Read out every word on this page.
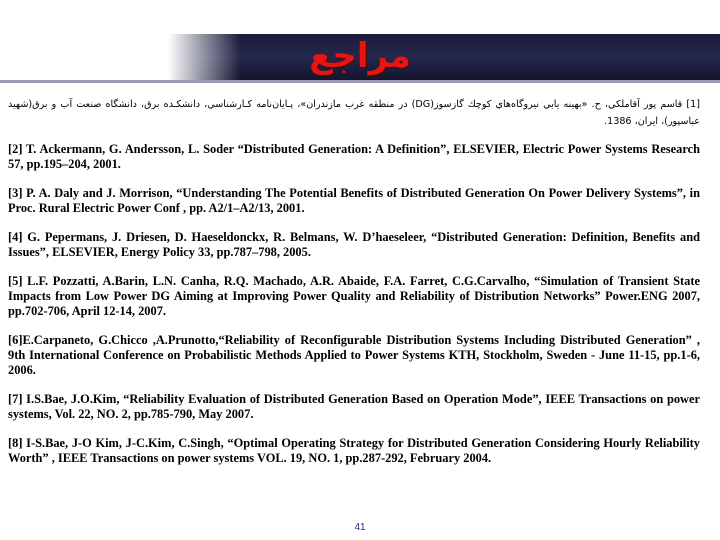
مراجع

[1] قاسم پور آقاملكي، ح. «بهينه يابي نيروگاه‌هاي كوچك گازسوز(DG) در منطقه غرب مازندران»، پـايان‌نامه كـارشناسي، دانشكـده برق، دانشگاه صنعت آب و برق(شهيد عباسپور)، ايران، 1386.

[2] T. Ackermann, G. Andersson, L. Soder “Distributed Generation: A Definition”, ELSEVIER, Electric Power Systems Research 57, pp.195–204, 2001.

[3] P. A. Daly and J. Morrison, “Understanding The Potential Benefits of Distributed Generation On Power Delivery Systems”, in Proc. Rural Electric Power Conf , pp. A2/1–A2/13, 2001.

[4] G. Pepermans, J. Driesen, D. Haeseldonckx, R. Belmans, W. D’haeseleer, “Distributed Generation: Definition, Benefits and Issues”, ELSEVIER, Energy Policy 33, pp.787–798, 2005.

[5] L.F. Pozzatti, A.Barin, L.N. Canha, R.Q. Machado, A.R. Abaide, F.A. Farret, C.G.Carvalho, “Simulation of Transient State Impacts from Low Power DG Aiming at Improving Power Quality and Reliability of Distribution Networks” Power.ENG 2007, pp.702-706, April 12-14, 2007.

[6]E.Carpaneto, G.Chicco ,A.Prunotto,“Reliability of Reconfigurable Distribution Systems Including Distributed Generation” , 9th International Conference on Probabilistic Methods Applied to Power Systems KTH, Stockholm, Sweden - June 11-15, pp.1-6, 2006.

[7] I.S.Bae, J.O.Kim, “Reliability Evaluation of Distributed Generation Based on Operation Mode”, IEEE Transactions on power systems, Vol. 22, NO. 2, pp.785-790, May 2007.

[8] I-S.Bae, J-O Kim, J-C.Kim, C.Singh, “Optimal Operating Strategy for Distributed Generation Considering Hourly Reliability Worth” , IEEE Transactions on power systems VOL. 19, NO. 1, pp.287-292, February 2004.

41
